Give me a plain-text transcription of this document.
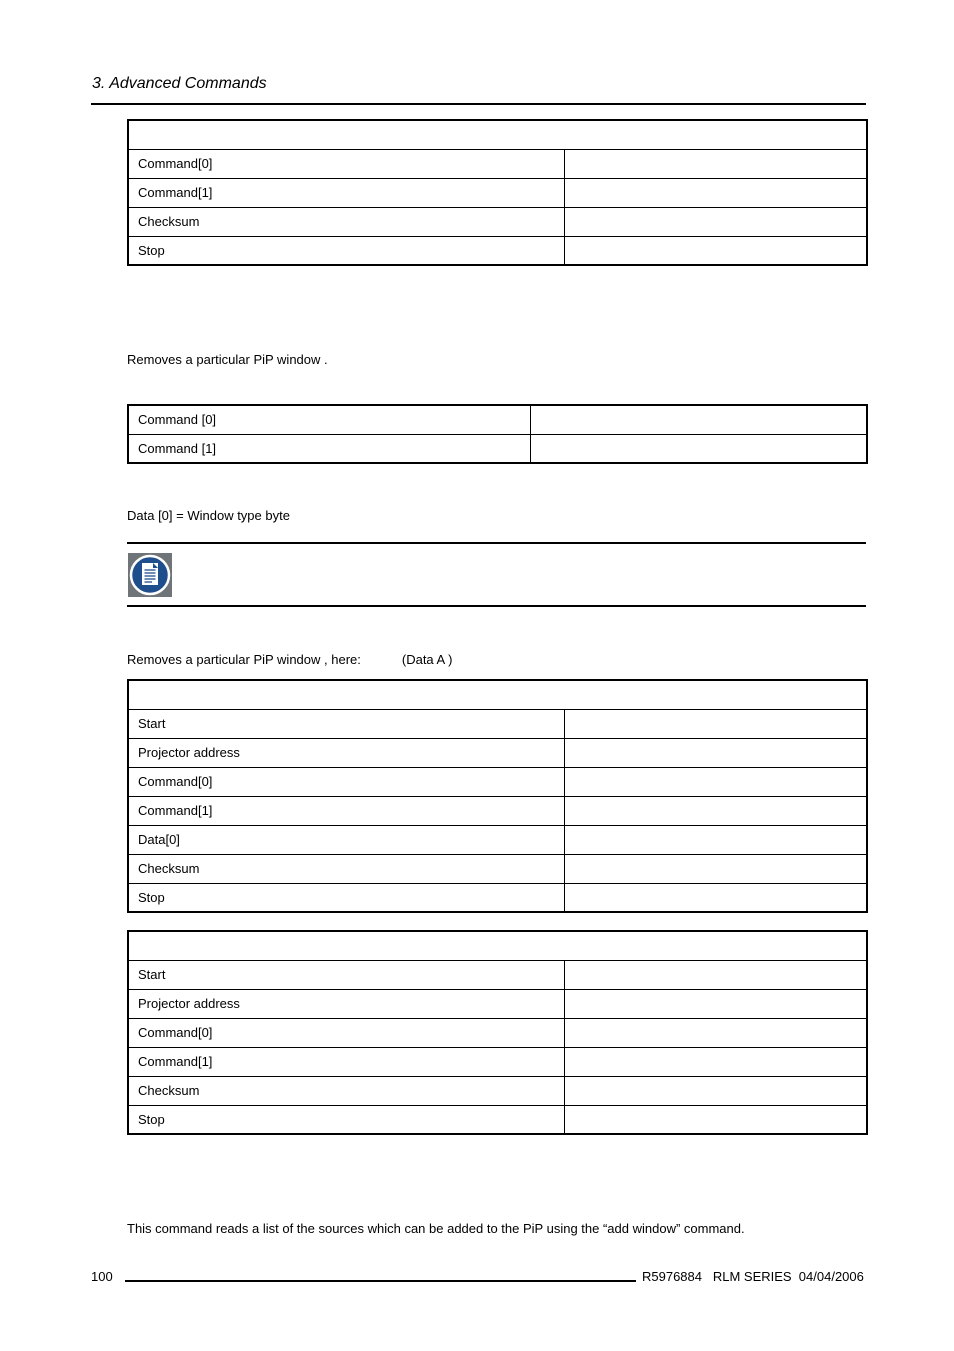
3. Advanced Commands

Command[0]	
Command[1]	
Checksum	
Stop	
Removes a particular PiP window .
Command [0]	
Command [1]	
Data [0] = Window type byte
Removes a particular PiP window , here:	(Data A )

Start	
Projector address	
Command[0]	
Command[1]	
Data[0]	
Checksum	
Stop	

Start	
Projector address	
Command[0]	
Command[1]	
Checksum	
Stop	
This command reads a list of the sources which can be added to the PiP using the “add window” command.
100	R5976884   RLM SERIES  04/04/2006
